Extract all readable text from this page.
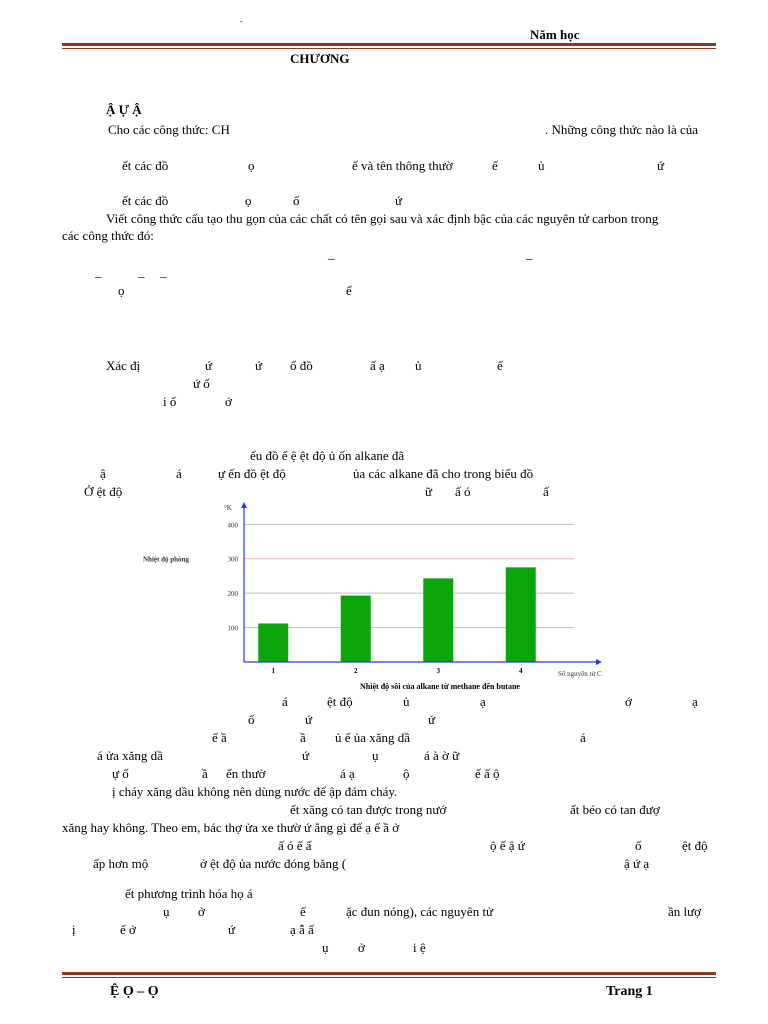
-
Năm học
CHƯƠNG
Ậ Ự Ậ
Cho các công thức: CH	. Những công thức nào là của
ết các đồ	ọ	ế và tên thông thườ	ế	ủ	ứ
ết các đồ	ọ	ố	ứ
Viết công thức cấu tạo thu gọn của các chất có tên gọi sau và xác định bậc của các nguyên tử carbon trong
các công thức đó:
_	_
_	_ _
ọ	ế
Xác đị	ứ	ứ ố đồ	ấ ạ ủ	ế
ứ ố
i ố	ớ
ểu đồ ế ệ ệt độ ủ ốn alkane đã
ậ	á	ự ến đồ ệt độ	ủa các alkane đã cho trong biểu đồ
Ở ệt độ	ữ ấ ó	ấ
á	ệt độ	ủ	ạ	ớ	ạ
ố	ứ	ứ
ế ầ	ầ ủ ế ủa xăng dầ	á
á ửa xăng dầ	ứ	ụ	á à ờ ữ
ự ố	ầ ến thườ	á ạ	ộ	ế ấ ộ
ị cháy xăng dầu không nên dùng nước để ập đám cháy.
ết xăng có tan được trong nướ	ất béo có tan đượ
xăng hay không. Theo em, bác thợ ửa xe thườ ứ ằng gì để ạ ế ầ ở
ấ ó ế ấ	ộ ế ậ ứ	ố	ệt độ
ấp hơn mộ	ở ệt độ ủa nước đóng băng (	ậ ứ ạ
ết phương trình hóa họ á
ụ ở	ế	ặc đun nóng), các nguyên tử	ần lượ
ị	ế ở	ứ	ạ ẫ ấ
ụ ở	i ệ
100
200
300
400
1	2	3	4
°K
Nhiệt độ phòng
Số nguyên tử C
Nhiệt độ sôi của alkane từ methane đến butane
Ệ Ọ – Ọ	Trang 1
